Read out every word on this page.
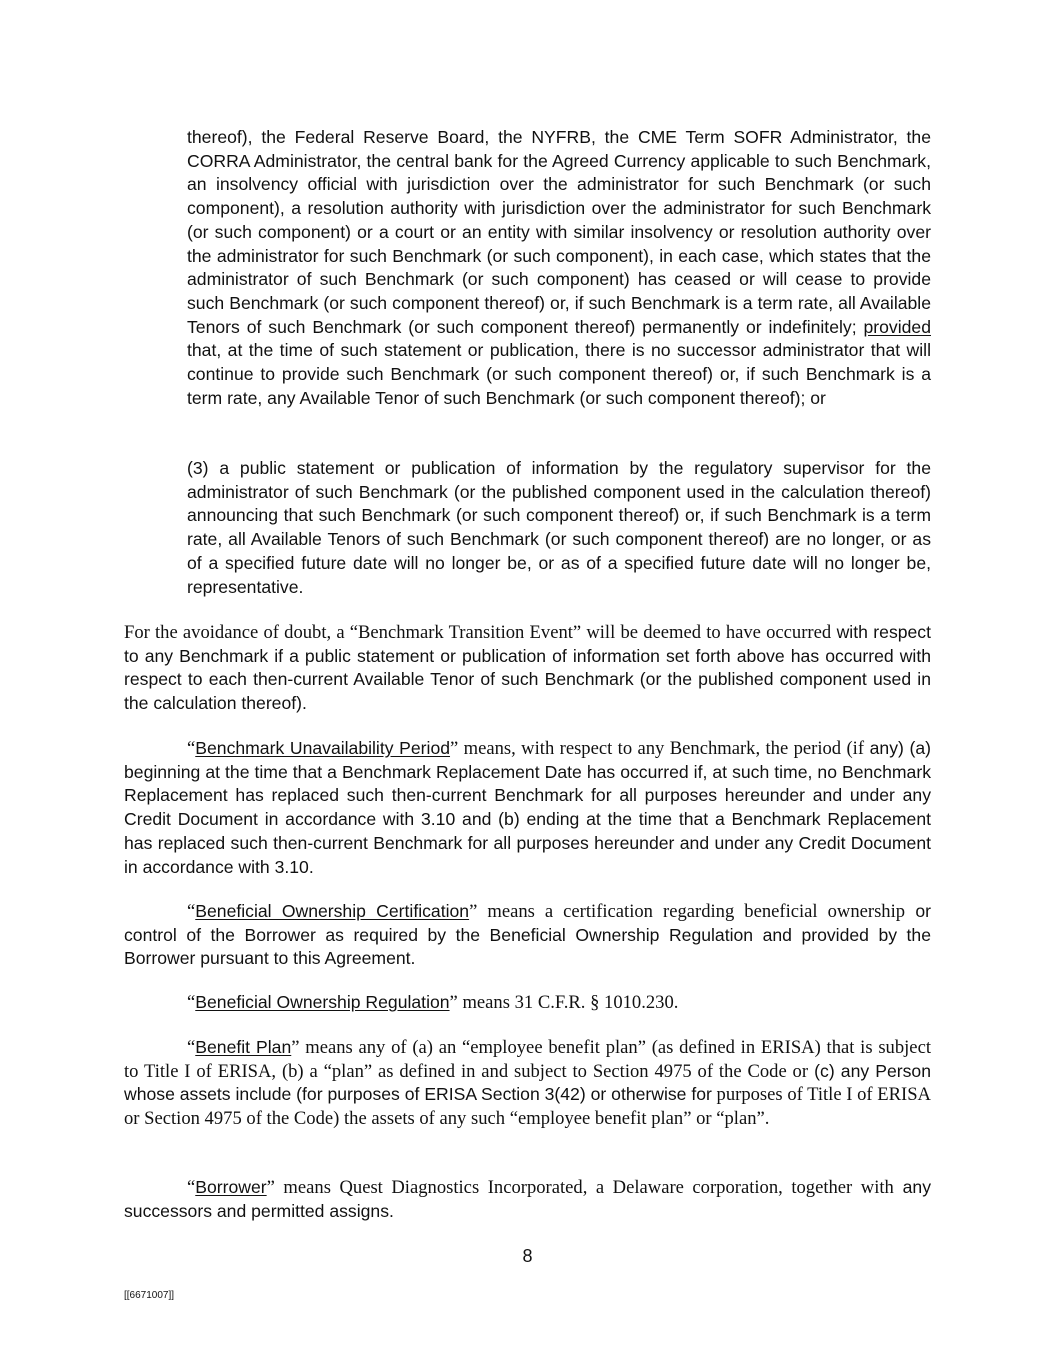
thereof), the Federal Reserve Board, the NYFRB, the CME Term SOFR Administrator, the CORRA Administrator, the central bank for the Agreed Currency applicable to such Benchmark, an insolvency official with jurisdiction over the administrator for such Benchmark (or such component), a resolution authority with jurisdiction over the administrator for such Benchmark (or such component) or a court or an entity with similar insolvency or resolution authority over the administrator for such Benchmark (or such component), in each case, which states that the administrator of such Benchmark (or such component) has ceased or will cease to provide such Benchmark (or such component thereof) or, if such Benchmark is a term rate, all Available Tenors of such Benchmark (or such component thereof) permanently or indefinitely; provided that, at the time of such statement or publication, there is no successor administrator that will continue to provide such Benchmark (or such component thereof) or, if such Benchmark is a term rate, any Available Tenor of such Benchmark (or such component thereof); or

(3) a public statement or publication of information by the regulatory supervisor for the administrator of such Benchmark (or the published component used in the calculation thereof) announcing that such Benchmark (or such component thereof) or, if such Benchmark is a term rate, all Available Tenors of such Benchmark (or such component thereof) are no longer, or as of a specified future date will no longer be, or as of a specified future date will no longer be, representative.

For the avoidance of doubt, a “Benchmark Transition Event” will be deemed to have occurred with respect to any Benchmark if a public statement or publication of information set forth above has occurred with respect to each then-current Available Tenor of such Benchmark (or the published component used in the calculation thereof).

“Benchmark Unavailability Period” means, with respect to any Benchmark, the period (if any) (a) beginning at the time that a Benchmark Replacement Date has occurred if, at such time, no Benchmark Replacement has replaced such then-current Benchmark for all purposes hereunder and under any Credit Document in accordance with 3.10 and (b) ending at the time that a Benchmark Replacement has replaced such then-current Benchmark for all purposes hereunder and under any Credit Document in accordance with 3.10.

“Beneficial Ownership Certification” means a certification regarding beneficial ownership or control of the Borrower as required by the Beneficial Ownership Regulation and provided by the Borrower pursuant to this Agreement.

“Beneficial Ownership Regulation” means 31 C.F.R. § 1010.230.

“Benefit Plan” means any of (a) an “employee benefit plan” (as defined in ERISA) that is subject to Title I of ERISA, (b) a “plan” as defined in and subject to Section 4975 of the Code or (c) any Person whose assets include (for purposes of ERISA Section 3(42) or otherwise for purposes of Title I of ERISA or Section 4975 of the Code) the assets of any such “employee benefit plan” or “plan”.

“Borrower” means Quest Diagnostics Incorporated, a Delaware corporation, together with any successors and permitted assigns.

8
[[6671007]]
